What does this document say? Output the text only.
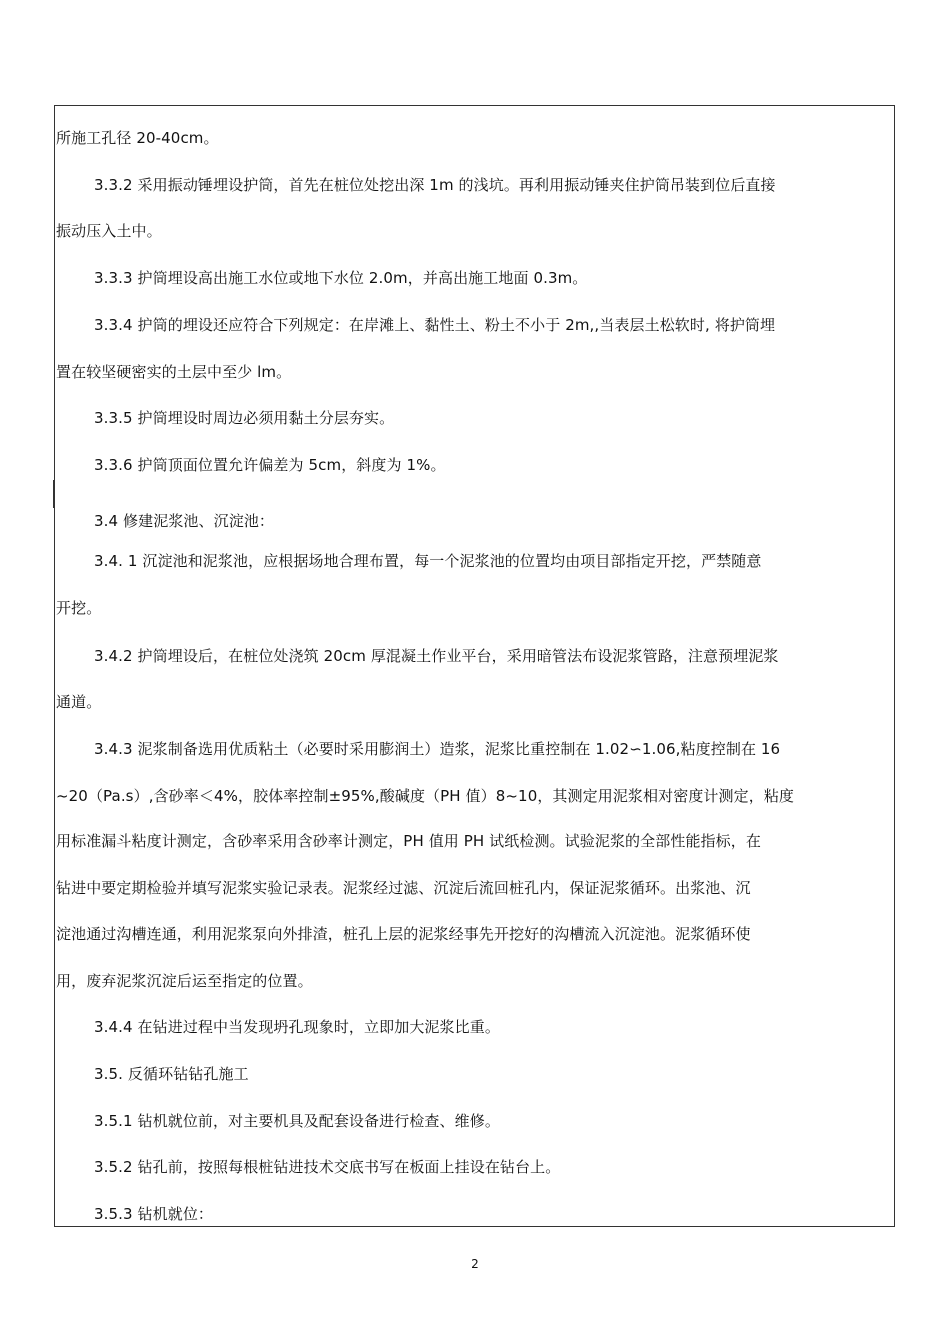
所施工孔径 20-40cm。
3.3.2 采用振动锤埋设护筒，首先在桩位处挖出深 1m 的浅坑。再利用振动锤夹住护筒吊装到位后直接
振动压入土中。
3.3.3 护筒埋设高出施工水位或地下水位 2.0m，并高出施工地面 0.3m。
3.3.4 护筒的埋设还应符合下列规定：在岸滩上、黏性土、粉土不小于 2m,,当表层土松软时, 将护筒埋
置在较坚硬密实的土层中至少 lm。
3.3.5 护筒埋设时周边必须用黏土分层夯实。
3.3.6 护筒顶面位置允许偏差为 5cm，斜度为 1%。
3.4 修建泥浆池、沉淀池：
3.4. 1 沉淀池和泥浆池，应根据场地合理布置，每一个泥浆池的位置均由项目部指定开挖，严禁随意
开挖。
3.4.2 护筒埋设后，在桩位处浇筑 20cm 厚混凝土作业平台，采用暗管法布设泥浆管路，注意预埋泥浆
通道。
3.4.3 泥浆制备选用优质粘土（必要时采用膨润土）造浆，泥浆比重控制在 1.02∽1.06,粘度控制在 16
~20（Pa.s）,含砂率＜4%，胶体率控制±95%,酸碱度（PH 值）8~10，其测定用泥浆相对密度计测定，粘度
用标准漏斗粘度计测定，含砂率采用含砂率计测定，PH 值用 PH 试纸检测。试验泥浆的全部性能指标，在
钻进中要定期检验并填写泥浆实验记录表。泥浆经过滤、沉淀后流回桩孔内，保证泥浆循环。出浆池、沉
淀池通过沟槽连通，利用泥浆泵向外排渣，桩孔上层的泥浆经事先开挖好的沟槽流入沉淀池。泥浆循环使
用，废弃泥浆沉淀后运至指定的位置。
3.4.4 在钻进过程中当发现坍孔现象时，立即加大泥浆比重。
3.5. 反循环钻钻孔施工
3.5.1 钻机就位前，对主要机具及配套设备进行检查、维修。
3.5.2 钻孔前，按照每根桩钻进技术交底书写在板面上挂设在钻台上。
3.5.3 钻机就位：
2
